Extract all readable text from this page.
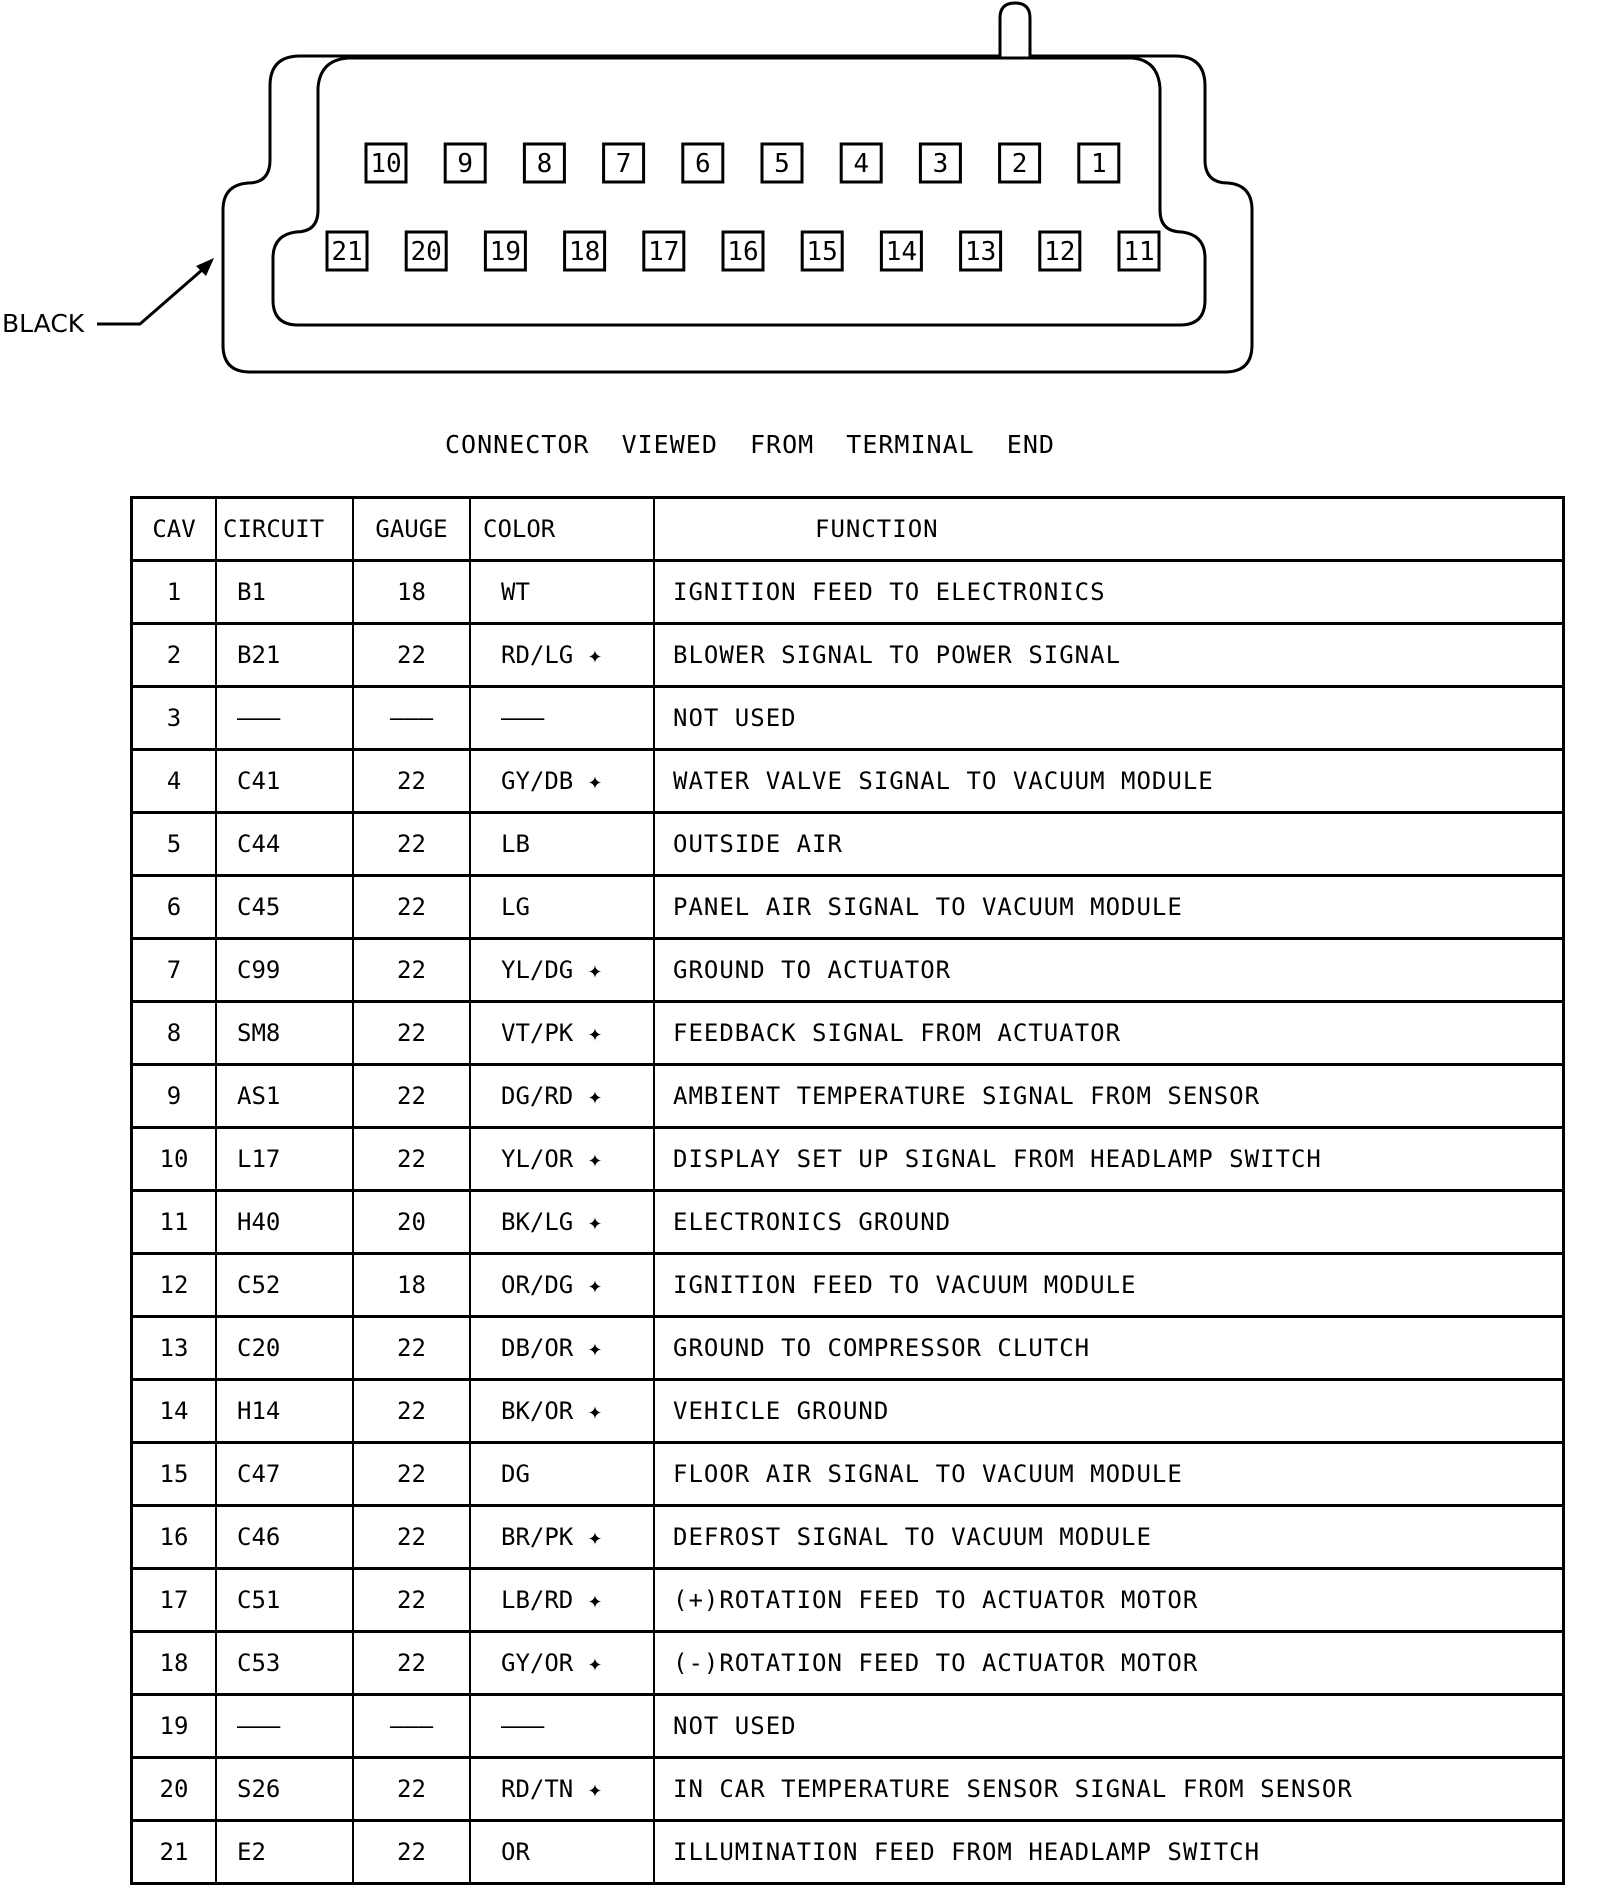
BLACK
10 9 8 7 6 5 4 3 2 1
21 20 19 18 17 16 15 14 13 12 11
CONNECTOR  VIEWED  FROM  TERMINAL  END
CAV	CIRCUIT	GAUGE	COLOR	FUNCTION
1	B1	18	WT	IGNITION FEED TO ELECTRONICS
2	B21	22	RD/LG ✦	BLOWER SIGNAL TO POWER SIGNAL
3	———	———	———	NOT USED
4	C41	22	GY/DB ✦	WATER VALVE SIGNAL TO VACUUM MODULE
5	C44	22	LB	OUTSIDE AIR
6	C45	22	LG	PANEL AIR SIGNAL TO VACUUM MODULE
7	C99	22	YL/DG ✦	GROUND TO ACTUATOR
8	SM8	22	VT/PK ✦	FEEDBACK SIGNAL FROM ACTUATOR
9	AS1	22	DG/RD ✦	AMBIENT TEMPERATURE SIGNAL FROM SENSOR
10	L17	22	YL/OR ✦	DISPLAY SET UP SIGNAL FROM HEADLAMP SWITCH
11	H40	20	BK/LG ✦	ELECTRONICS GROUND
12	C52	18	OR/DG ✦	IGNITION FEED TO VACUUM MODULE
13	C20	22	DB/OR ✦	GROUND TO COMPRESSOR CLUTCH
14	H14	22	BK/OR ✦	VEHICLE GROUND
15	C47	22	DG	FLOOR AIR SIGNAL TO VACUUM MODULE
16	C46	22	BR/PK ✦	DEFROST SIGNAL TO VACUUM MODULE
17	C51	22	LB/RD ✦	(+)ROTATION FEED TO ACTUATOR MOTOR
18	C53	22	GY/OR ✦	(-)ROTATION FEED TO ACTUATOR MOTOR
19	———	———	———	NOT USED
20	S26	22	RD/TN ✦	IN CAR TEMPERATURE SENSOR SIGNAL FROM SENSOR
21	E2	22	OR	ILLUMINATION FEED FROM HEADLAMP SWITCH
